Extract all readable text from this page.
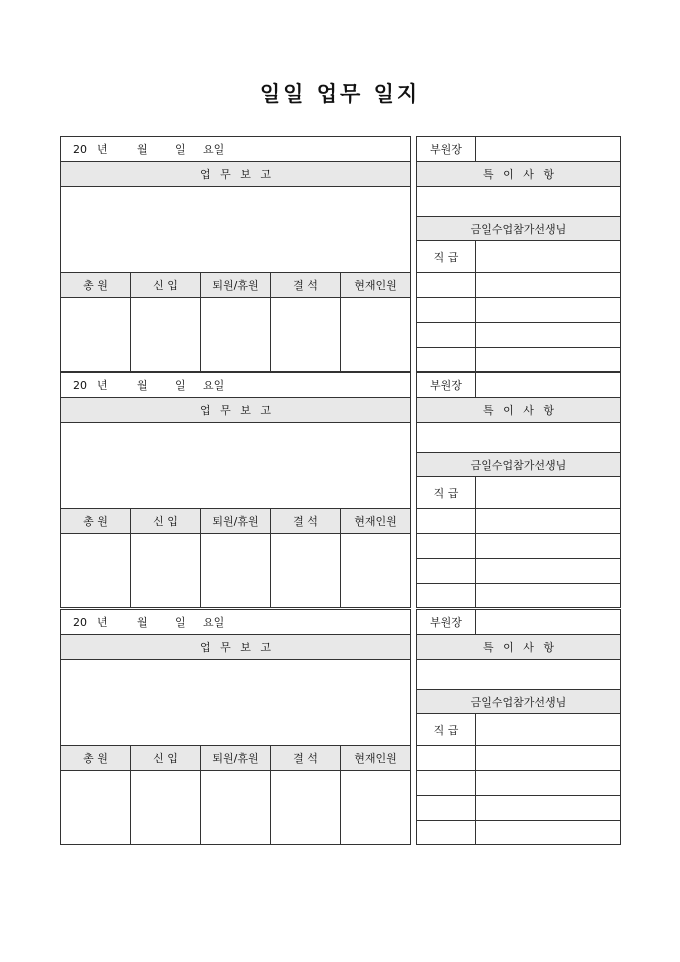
일일 업무 일지
20 년 월 일 요일				
업 무 보 고				

총 원	신 입	퇴원/휴원	결 석	현재인원

부원장	
특 이 사 항	

금일수업참가선생님	
직 급	

20 년 월 일 요일				
업 무 보 고				

총 원	신 입	퇴원/휴원	결 석	현재인원

부원장	
특 이 사 항	

금일수업참가선생님	
직 급	

20 년 월 일 요일				
업 무 보 고				

총 원	신 입	퇴원/휴원	결 석	현재인원

부원장	
특 이 사 항	

금일수업참가선생님	
직 급	
